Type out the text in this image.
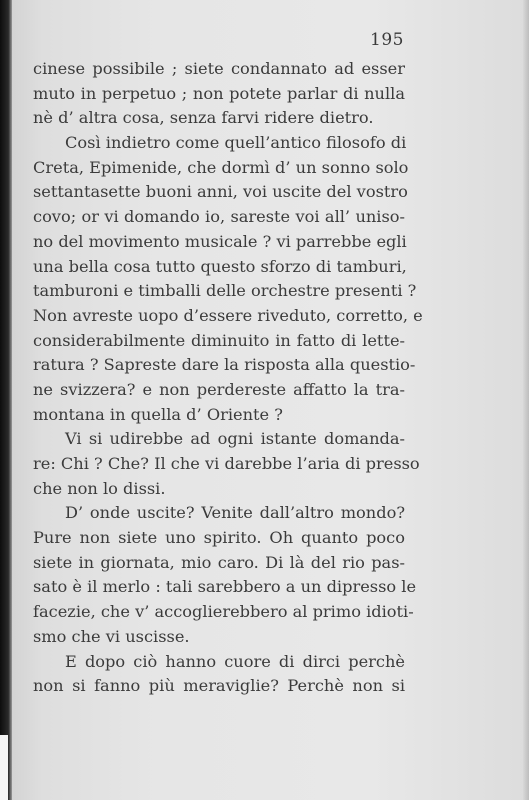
195
cinese possibile ; siete condannato ad esser
muto in perpetuo ; non potete parlar di nulla
nè d’ altra cosa, senza farvi ridere dietro.
Così indietro come quell’antico filosofo di
Creta, Epimenide, che dormì d’ un sonno solo
settantasette buoni anni, voi uscite del vostro
covo; or vi domando io, sareste voi all’ uniso-
no del movimento musicale ? vi parrebbe egli
una bella cosa tutto questo sforzo di tamburi,
tamburoni e timballi delle orchestre presenti ?
Non avreste uopo d’essere riveduto, corretto, e
considerabilmente diminuito in fatto di lette-
ratura ? Sapreste dare la risposta alla questio-
ne svizzera? e non perdereste affatto la tra-
montana in quella d’ Oriente ?
Vi si udirebbe ad ogni istante domanda-
re: Chi ? Che? Il che vi darebbe l’aria di presso
che non lo dissi.
D’ onde uscite? Venite dall’altro mondo?
Pure non siete uno spirito. Oh quanto poco
siete in giornata, mio caro. Di là del rio pas-
sato è il merlo : tali sarebbero a un dipresso le
facezie, che v’ accoglierebbero al primo idioti-
smo che vi uscisse.
E dopo ciò hanno cuore di dirci perchè
non si fanno più meraviglie? Perchè non si
